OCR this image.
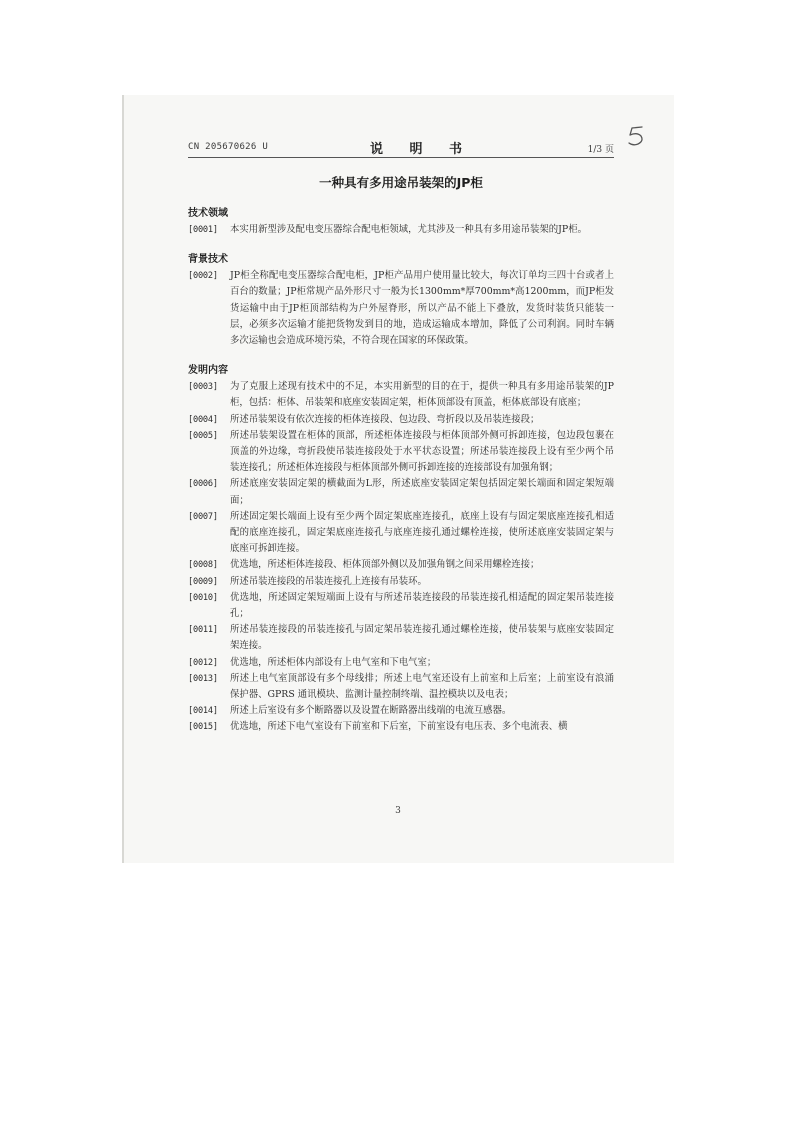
CN 205670626 U	说 明 书	1/3 页
一种具有多用途吊装架的JP柜
技术领域
[0001]	本实用新型涉及配电变压器综合配电柜领域，尤其涉及一种具有多用途吊装架的JP柜。
背景技术
[0002]	JP柜全称配电变压器综合配电柜，JP柜产品用户使用量比较大，每次订单均三四十台或者上百台的数量；JP柜常规产品外形尺寸一般为长1300mm*厚700mm*高1200mm，而JP柜发货运输中由于JP柜顶部结构为户外屋脊形，所以产品不能上下叠放，发货时装货只能装一层，必须多次运输才能把货物发到目的地，造成运输成本增加，降低了公司利润。同时车辆多次运输也会造成环境污染，不符合现在国家的环保政策。
发明内容
[0003]	为了克服上述现有技术中的不足，本实用新型的目的在于，提供一种具有多用途吊装架的JP柜，包括：柜体、吊装架和底座安装固定架，柜体顶部设有顶盖，柜体底部设有底座；
[0004]	所述吊装架设有依次连接的柜体连接段、包边段、弯折段以及吊装连接段；
[0005]	所述吊装架设置在柜体的顶部，所述柜体连接段与柜体顶部外侧可拆卸连接，包边段包裹在顶盖的外边缘，弯折段使吊装连接段处于水平状态设置；所述吊装连接段上设有至少两个吊装连接孔；所述柜体连接段与柜体顶部外侧可拆卸连接的连接部设有加强角钢；
[0006]	所述底座安装固定架的横截面为L形，所述底座安装固定架包括固定架长端面和固定架短端面；
[0007]	所述固定架长端面上设有至少两个固定架底座连接孔，底座上设有与固定架底座连接孔相适配的底座连接孔，固定架底座连接孔与底座连接孔通过螺栓连接，使所述底座安装固定架与底座可拆卸连接。
[0008]	优选地，所述柜体连接段、柜体顶部外侧以及加强角钢之间采用螺栓连接；
[0009]	所述吊装连接段的吊装连接孔上连接有吊装环。
[0010]	优选地，所述固定架短端面上设有与所述吊装连接段的吊装连接孔相适配的固定架吊装连接孔；
[0011]	所述吊装连接段的吊装连接孔与固定架吊装连接孔通过螺栓连接，使吊装架与底座安装固定架连接。
[0012]	优选地，所述柜体内部设有上电气室和下电气室；
[0013]	所述上电气室顶部设有多个母线排；所述上电气室还设有上前室和上后室；上前室设有浪涌保护器、GPRS 通讯模块、监测计量控制终端、温控模块以及电表；
[0014]	所述上后室设有多个断路器以及设置在断路器出线端的电流互感器。
[0015]	优选地，所述下电气室设有下前室和下后室，下前室设有电压表、多个电流表、横
3
